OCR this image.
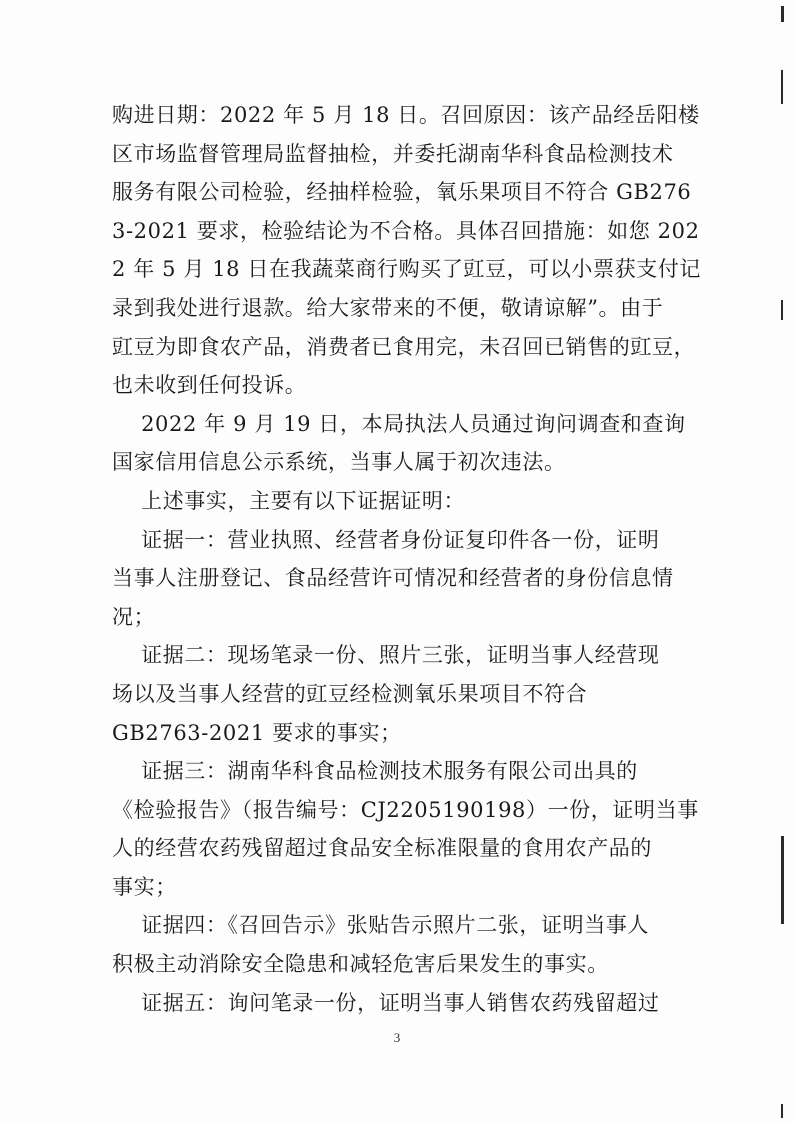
购进日期：2022 年 5 月 18 日。召回原因：该产品经岳阳楼
区市场监督管理局监督抽检，并委托湖南华科食品检测技术
服务有限公司检验，经抽样检验，氧乐果项目不符合 GB276
3-2021 要求，检验结论为不合格。具体召回措施：如您 202
2 年 5 月 18 日在我蔬菜商行购买了豇豆，可以小票获支付记
录到我处进行退款。给大家带来的不便，敬请谅解”。由于
豇豆为即食农产品，消费者已食用完，未召回已销售的豇豆，
也未收到任何投诉。
2022 年 9 月 19 日，本局执法人员通过询问调查和查询
国家信用信息公示系统，当事人属于初次违法。
上述事实，主要有以下证据证明：
证据一：营业执照、经营者身份证复印件各一份，证明
当事人注册登记、食品经营许可情况和经营者的身份信息情
况；
证据二：现场笔录一份、照片三张，证明当事人经营现
场以及当事人经营的豇豆经检测氧乐果项目不符合
GB2763-2021 要求的事实；
证据三：湖南华科食品检测技术服务有限公司出具的
《检验报告》（报告编号：CJ2205190198）一份，证明当事
人的经营农药残留超过食品安全标准限量的食用农产品的
事实；
证据四：《召回告示》张贴告示照片二张，证明当事人
积极主动消除安全隐患和减轻危害后果发生的事实。
证据五：询问笔录一份，证明当事人销售农药残留超过
3
